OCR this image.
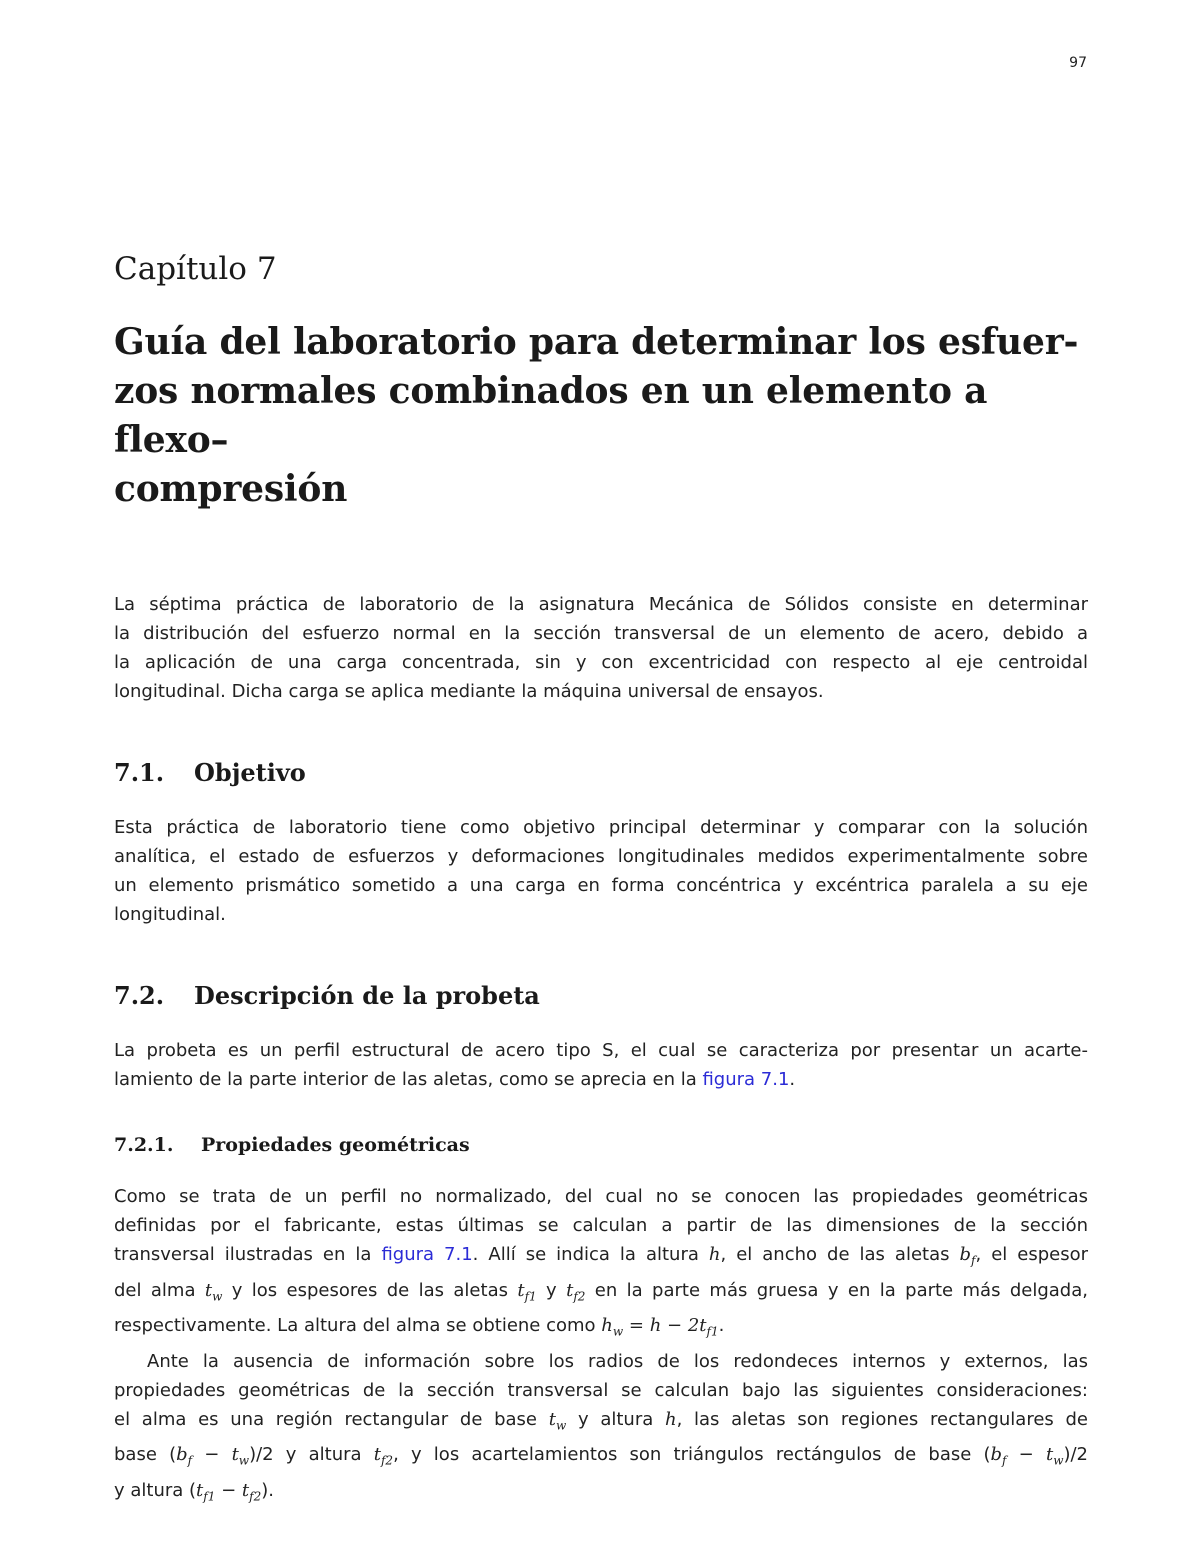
97
Capítulo 7
Guía del laboratorio para determinar los esfuer-
zos normales combinados en un elemento a flexo–
compresión

La séptima práctica de laboratorio de la asignatura Mecánica de Sólidos consiste en determinar
la distribución del esfuerzo normal en la sección transversal de un elemento de acero, debido a
la aplicación de una carga concentrada, sin y con excentricidad con respecto al eje centroidal
longitudinal. Dicha carga se aplica mediante la máquina universal de ensayos.

7.1.	Objetivo

Esta práctica de laboratorio tiene como objetivo principal determinar y comparar con la solución
analítica, el estado de esfuerzos y deformaciones longitudinales medidos experimentalmente sobre
un elemento prismático sometido a una carga en forma concéntrica y excéntrica paralela a su eje
longitudinal.

7.2.	Descripción de la probeta

La probeta es un perfil estructural de acero tipo S, el cual se caracteriza por presentar un acarte-
lamiento de la parte interior de las aletas, como se aprecia en la figura 7.1.

7.2.1.	Propiedades geométricas

Como se trata de un perfil no normalizado, del cual no se conocen las propiedades geométricas
definidas por el fabricante, estas últimas se calculan a partir de las dimensiones de la sección
transversal ilustradas en la figura 7.1. Allí se indica la altura h, el ancho de las aletas $b_f$, el espesor
del alma $t_w$ y los espesores de las aletas $t_{f1}$ y $t_{f2}$ en la parte más gruesa y en la parte más delgada,
respectivamente. La altura del alma se obtiene como $h_w = h - 2t_{f1}$.

Ante la ausencia de información sobre los radios de los redondeces internos y externos, las
propiedades geométricas de la sección transversal se calculan bajo las siguientes consideraciones:
el alma es una región rectangular de base $t_w$ y altura h, las aletas son regiones rectangulares de
base $(b_f - t_w)/2$ y altura $t_{f2}$, y los acartelamientos son triángulos rectángulos de base $(b_f - t_w)/2$
y altura $(t_{f1} - t_{f2})$.
